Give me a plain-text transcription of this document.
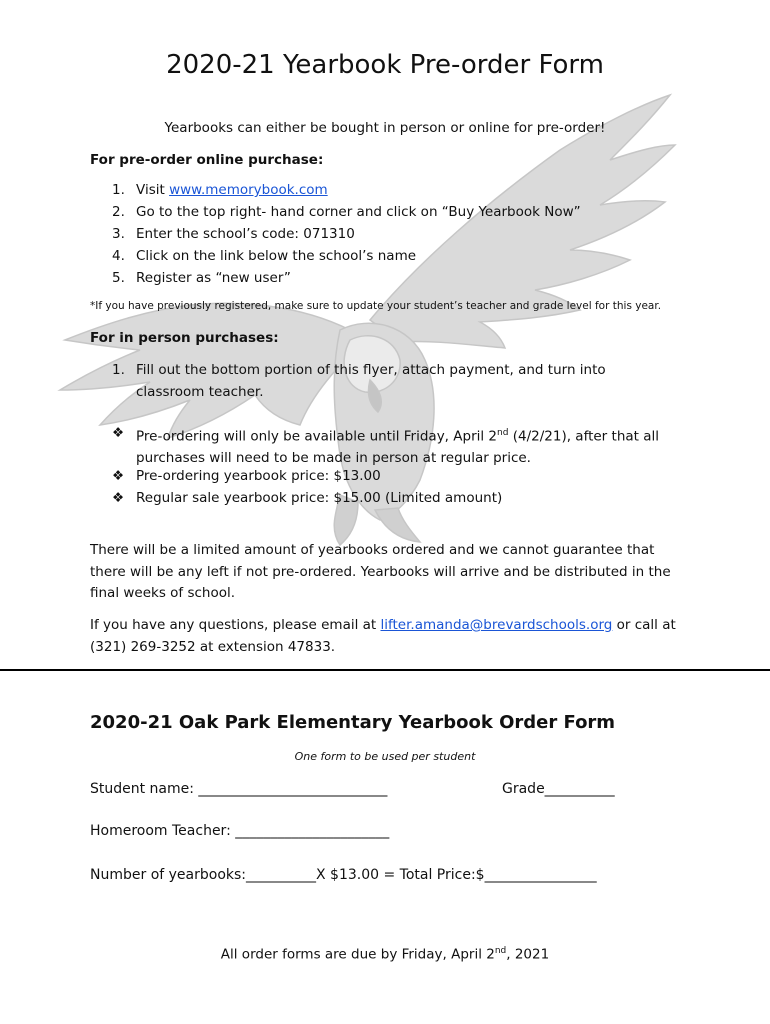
2020-21 Yearbook Pre-order Form
Yearbooks can either be bought in person or online for pre-order!
For pre-order online purchase:
1. Visit www.memorybook.com
2. Go to the top right- hand corner and click on “Buy Yearbook Now”
3. Enter the school’s code: 071310
4. Click on the link below the school’s name
5. Register as “new user”
*If you have previously registered, make sure to update your student’s teacher and grade level for this year.
For in person purchases:
1. Fill out the bottom portion of this flyer, attach payment, and turn into classroom teacher.
❖ Pre-ordering will only be available until Friday, April 2nd (4/2/21), after that all purchases will need to be made in person at regular price.
❖ Pre-ordering yearbook price: $13.00
❖ Regular sale yearbook price: $15.00 (Limited amount)
There will be a limited amount of yearbooks ordered and we cannot guarantee that there will be any left if not pre-ordered. Yearbooks will arrive and be distributed in the final weeks of school.
If you have any questions, please email at lifter.amanda@brevardschools.org or call at (321) 269-3252 at extension 47833.
2020-21 Oak Park Elementary Yearbook Order Form
One form to be used per student
Student name: ___________________________	Grade__________
Homeroom Teacher: ______________________
Number of yearbooks:__________X $13.00 = Total Price:$________________
All order forms are due by Friday, April 2nd, 2021
